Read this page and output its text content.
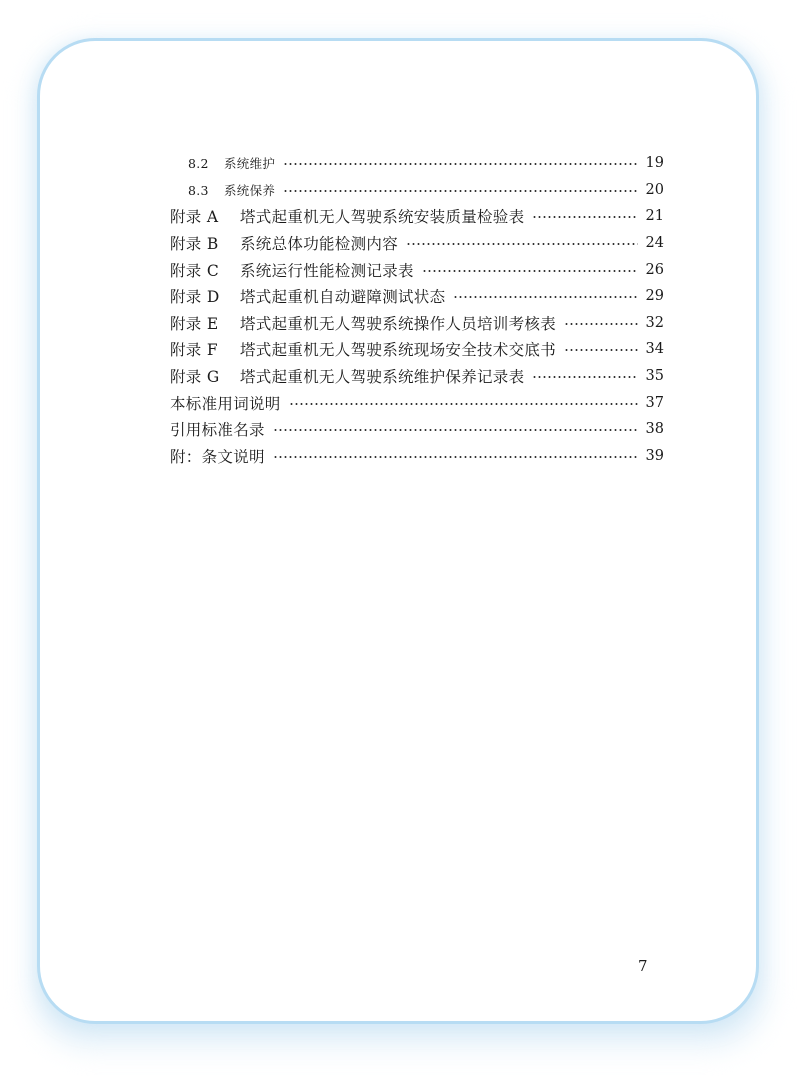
8.2 系统维护	19
8.3 系统保养	20
附录 A 塔式起重机无人驾驶系统安装质量检验表	21
附录 B 系统总体功能检测内容	24
附录 C 系统运行性能检测记录表	26
附录 D 塔式起重机自动避障测试状态	29
附录 E 塔式起重机无人驾驶系统操作人员培训考核表	32
附录 F 塔式起重机无人驾驶系统现场安全技术交底书	34
附录 G 塔式起重机无人驾驶系统维护保养记录表	35
本标准用词说明	37
引用标准名录	38
附：条文说明	39
7
